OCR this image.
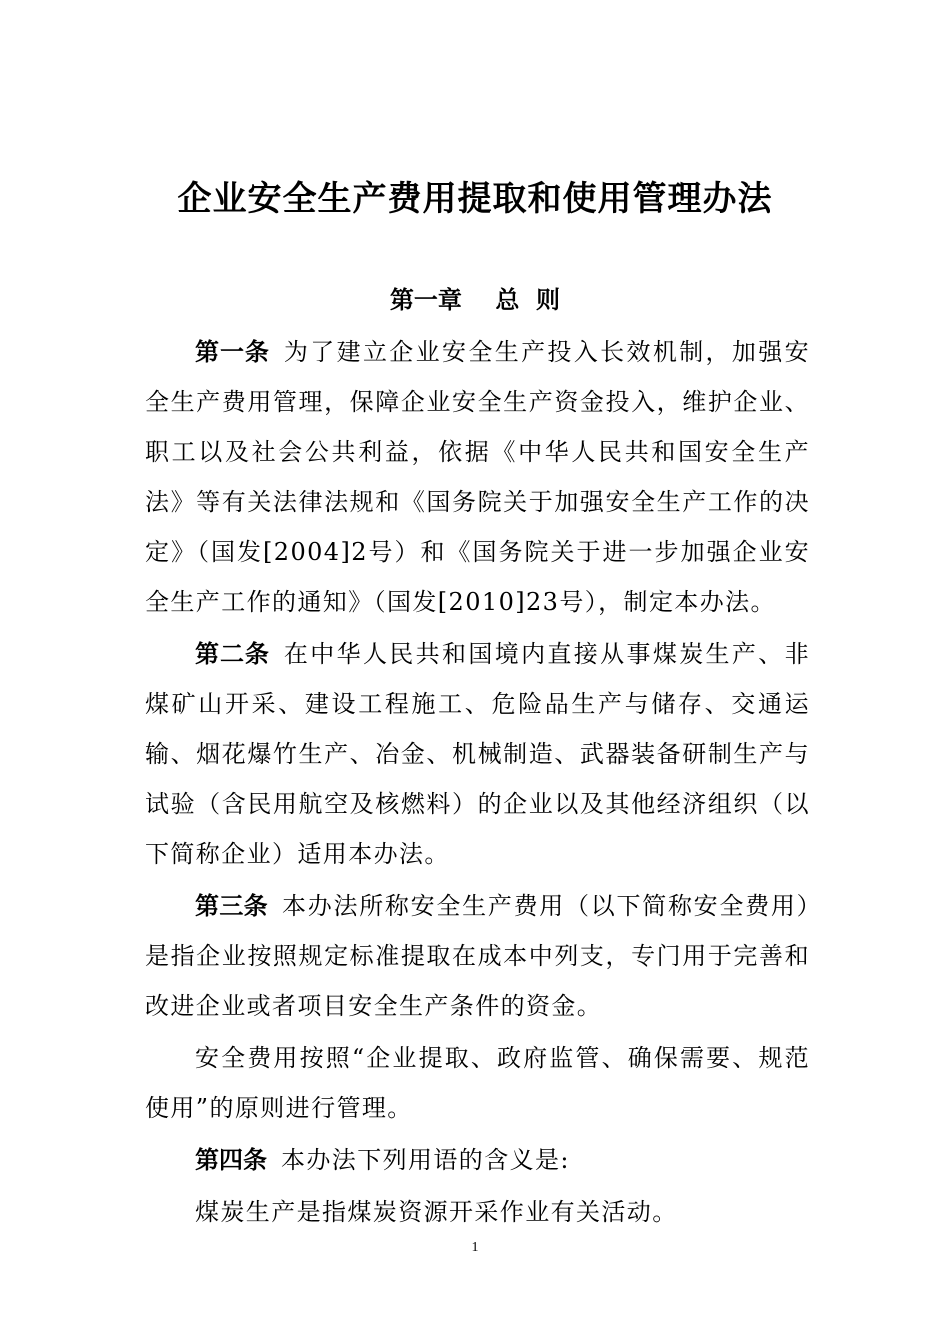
企业安全生产费用提取和使用管理办法
第一章    总  则

第一条 为了建立企业安全生产投入长效机制，加强安全生产费用管理，保障企业安全生产资金投入，维护企业、职工以及社会公共利益，依据《中华人民共和国安全生产法》等有关法律法规和《国务院关于加强安全生产工作的决定》（国发[2004]2号）和《国务院关于进一步加强企业安全生产工作的通知》（国发[2010]23号），制定本办法。

第二条 在中华人民共和国境内直接从事煤炭生产、非煤矿山开采、建设工程施工、危险品生产与储存、交通运输、烟花爆竹生产、冶金、机械制造、武器装备研制生产与试验（含民用航空及核燃料）的企业以及其他经济组织（以下简称企业）适用本办法。

第三条 本办法所称安全生产费用（以下简称安全费用）是指企业按照规定标准提取在成本中列支，专门用于完善和改进企业或者项目安全生产条件的资金。

安全费用按照“企业提取、政府监管、确保需要、规范使用”的原则进行管理。

第四条 本办法下列用语的含义是:

煤炭生产是指煤炭资源开采作业有关活动。

1
